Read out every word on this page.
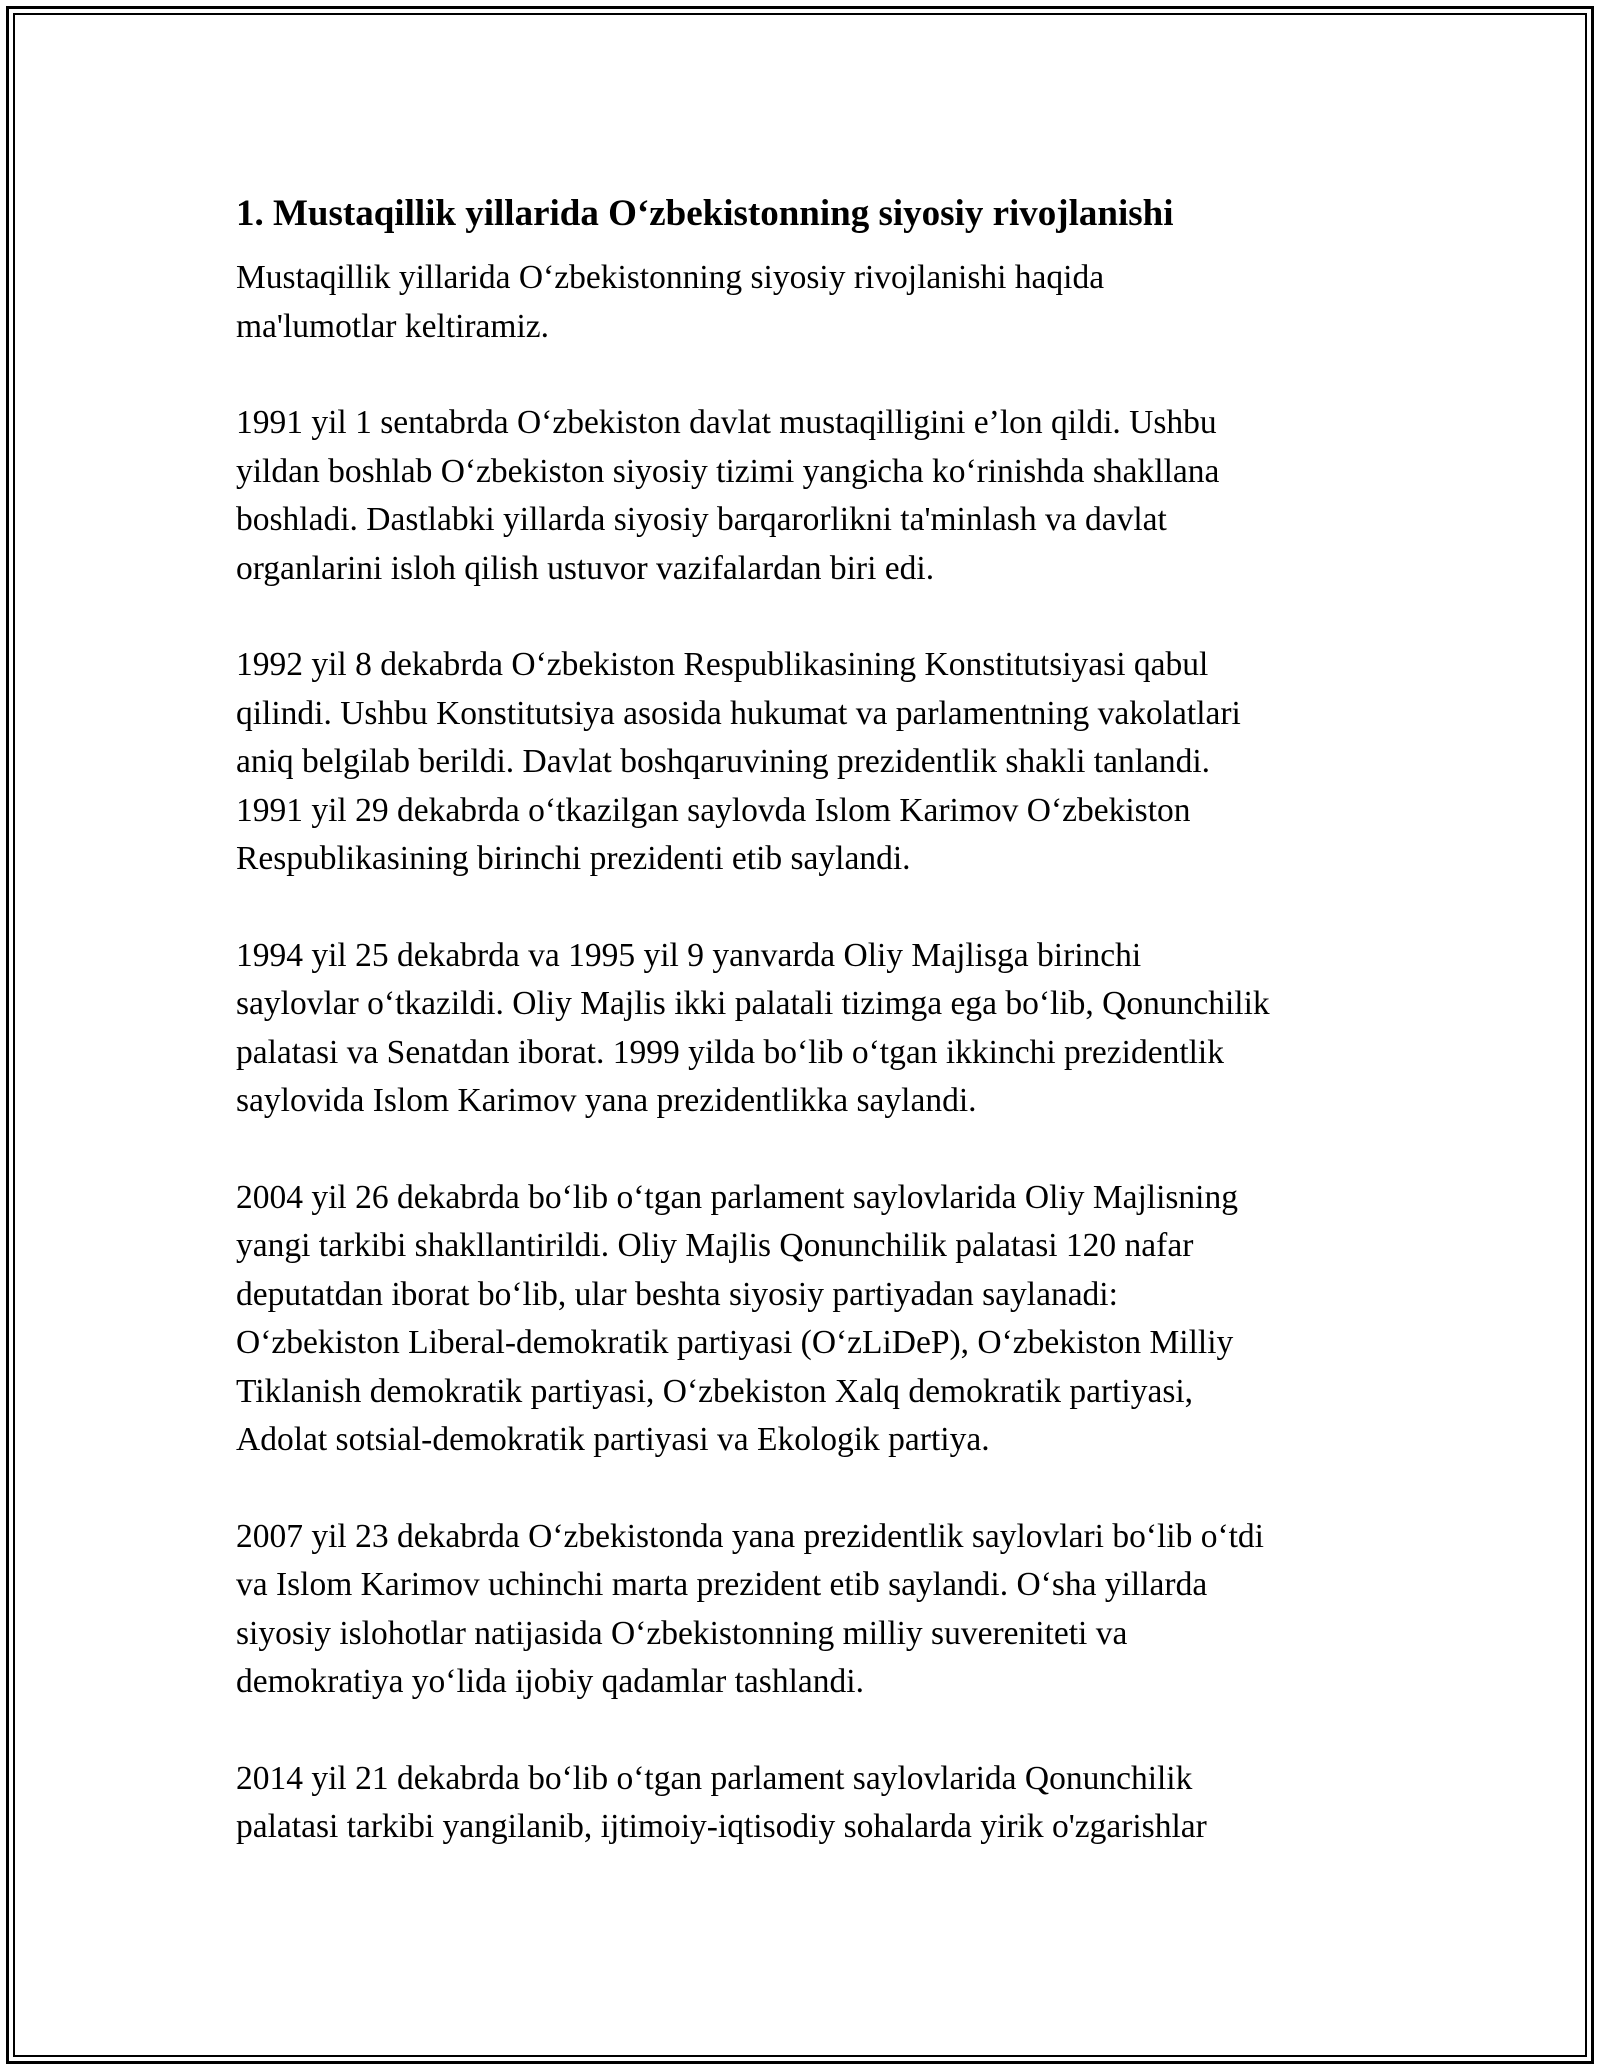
1. Mustaqillik yillarida O‘zbekistonning siyosiy rivojlanishi
Mustaqillik yillarida O‘zbekistonning siyosiy rivojlanishi haqida
ma'lumotlar keltiramiz.
1991 yil 1 sentabrda O‘zbekiston davlat mustaqilligini e’lon qildi. Ushbu
yildan boshlab O‘zbekiston siyosiy tizimi yangicha ko‘rinishda shakllana
boshladi. Dastlabki yillarda siyosiy barqarorlikni ta'minlash va davlat
organlarini isloh qilish ustuvor vazifalardan biri edi.
1992 yil 8 dekabrda O‘zbekiston Respublikasining Konstitutsiyasi qabul
qilindi. Ushbu Konstitutsiya asosida hukumat va parlamentning vakolatlari
aniq belgilab berildi. Davlat boshqaruvining prezidentlik shakli tanlandi.
1991 yil 29 dekabrda o‘tkazilgan saylovda Islom Karimov O‘zbekiston
Respublikasining birinchi prezidenti etib saylandi.
1994 yil 25 dekabrda va 1995 yil 9 yanvarda Oliy Majlisga birinchi
saylovlar o‘tkazildi. Oliy Majlis ikki palatali tizimga ega bo‘lib, Qonunchilik
palatasi va Senatdan iborat. 1999 yilda bo‘lib o‘tgan ikkinchi prezidentlik
saylovida Islom Karimov yana prezidentlikka saylandi.
2004 yil 26 dekabrda bo‘lib o‘tgan parlament saylovlarida Oliy Majlisning
yangi tarkibi shakllantirildi. Oliy Majlis Qonunchilik palatasi 120 nafar
deputatdan iborat bo‘lib, ular beshta siyosiy partiyadan saylanadi:
O‘zbekiston Liberal-demokratik partiyasi (O‘zLiDeP), O‘zbekiston Milliy
Tiklanish demokratik partiyasi, O‘zbekiston Xalq demokratik partiyasi,
Adolat sotsial-demokratik partiyasi va Ekologik partiya.
2007 yil 23 dekabrda O‘zbekistonda yana prezidentlik saylovlari bo‘lib o‘tdi
va Islom Karimov uchinchi marta prezident etib saylandi. O‘sha yillarda
siyosiy islohotlar natijasida O‘zbekistonning milliy suvereniteti va
demokratiya yo‘lida ijobiy qadamlar tashlandi.
2014 yil 21 dekabrda bo‘lib o‘tgan parlament saylovlarida Qonunchilik
palatasi tarkibi yangilanib, ijtimoiy-iqtisodiy sohalarda yirik o'zgarishlar
